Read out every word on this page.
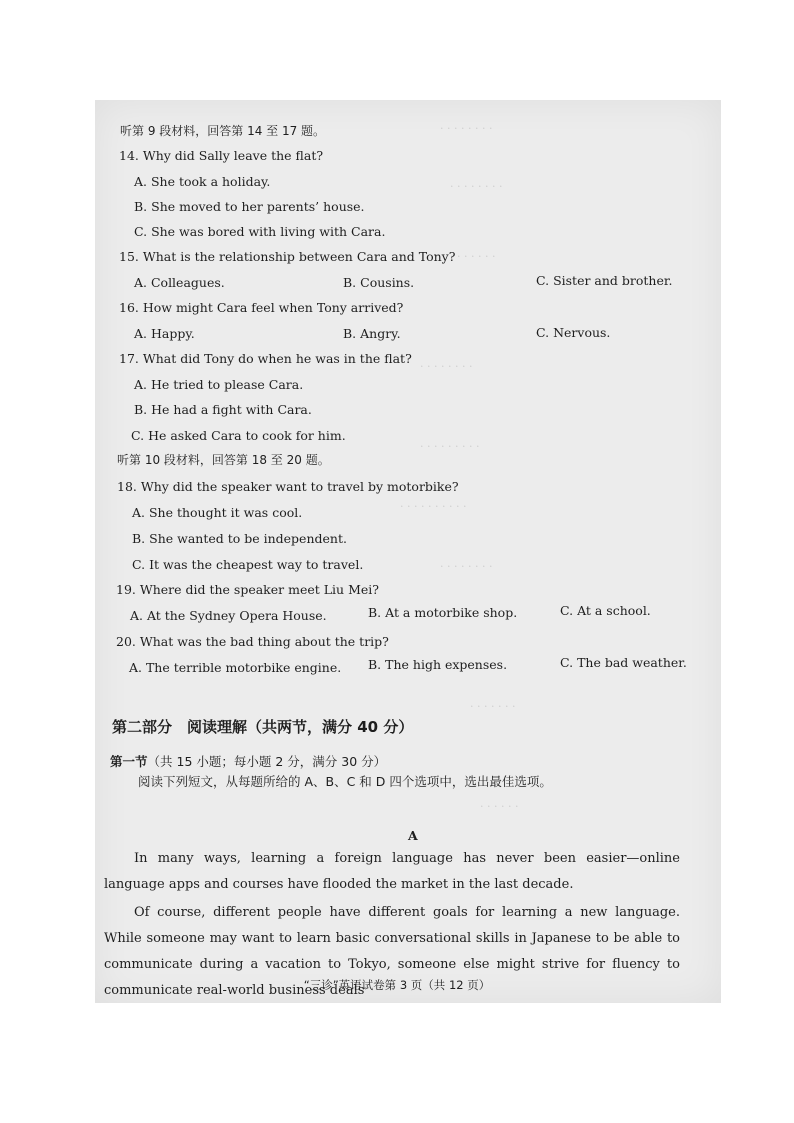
· · · · · · · ·
· · · · · · · ·
· · · · · · ·
· · · · · · · ·
· · · · · · · · ·
· · · · · · · · · ·
· · · · · · · ·
· · · · · · ·
· · · · · ·
听第 9 段材料，回答第 14 至 17 题。
14. Why did Sally leave the flat?
A. She took a holiday.
B. She moved to her parents’ house.
C. She was bored with living with Cara.
15. What is the relationship between Cara and Tony?
A. Colleagues.	B. Cousins.	C. Sister and brother.
16. How might Cara feel when Tony arrived?
A. Happy.	B. Angry.	C. Nervous.
17. What did Tony do when he was in the flat?
A. He tried to please Cara.
B. He had a fight with Cara.
C. He asked Cara to cook for him.
听第 10 段材料，回答第 18 至 20 题。
18. Why did the speaker want to travel by motorbike?
A. She thought it was cool.
B. She wanted to be independent.
C. It was the cheapest way to travel.
19. Where did the speaker meet Liu Mei?
A. At the Sydney Opera House.	B. At a motorbike shop.	C. At a school.
20. What was the bad thing about the trip?
A. The terrible motorbike engine. B. The high expenses.	C. The bad weather.
第二部分　阅读理解（共两节，满分 40 分）
第一节（共 15 小题；每小题 2 分，满分 30 分）
阅读下列短文，从每题所给的 A、B、C 和 D 四个选项中，选出最佳选项。
A
In many ways, learning a foreign language has never been easier—online language apps and courses have flooded the market in the last decade.
Of course, different people have different goals for learning a new language. While someone may want to learn basic conversational skills in Japanese to be able to communicate during a vacation to Tokyo, someone else might strive for fluency to communicate real-world business deals
“三诊”英语试卷第 3 页（共 12 页）
